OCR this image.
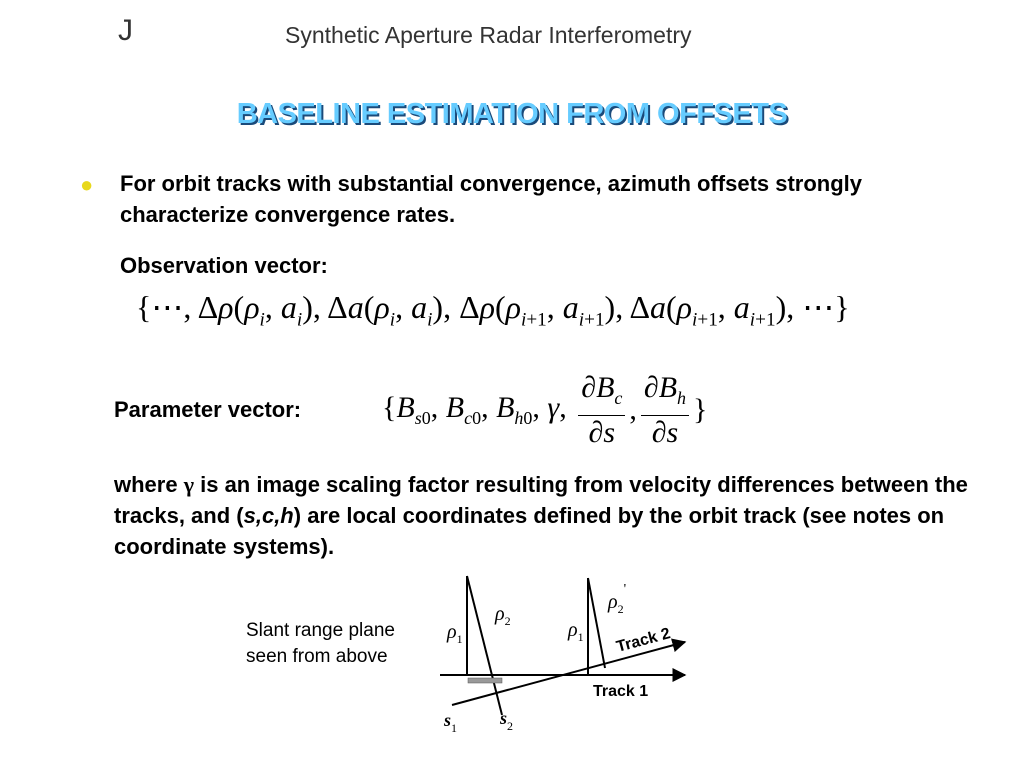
J	Synthetic Aperture Radar Interferometry
BASELINE ESTIMATION FROM OFFSETS
● For orbit tracks with substantial convergence, azimuth offsets strongly characterize convergence rates.
Observation vector:
{⋯, $\Delta\rho(\rho_i$, $a_i$), $\Delta a(\rho_i$, $a_i$), $\Delta\rho(\rho_{i+1}$, $a_{i+1}$), $\Delta a(\rho_{i+1}$, $a_{i+1}$), ⋯}
Parameter vector:	{$B_{s0}$, $B_{c0}$, $B_{h0}$, γ, $\frac{\partial B_c}{\partial s}$ , $\frac{\partial B_h}{\partial s}$ }
where γ is an image scaling factor resulting from velocity differences between the tracks, and (s,c,h) are local coordinates defined by the orbit track (see notes on coordinate systems).
Slant range plane
seen from above
Track 1
Track 2
$\rho_1$
$\rho_2$	$\rho_1$
$\rho_2'$
$s_1$ $s_2$
